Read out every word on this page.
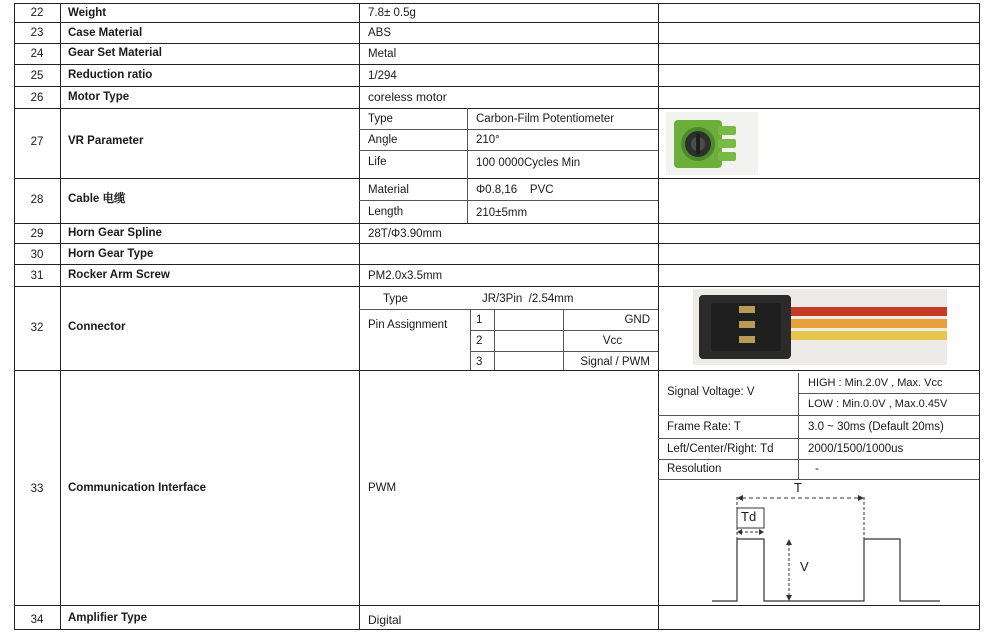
22	Weight	7.8± 0.5g
23	Case Material	ABS
24	Gear Set Material	Metal
25	Reduction ratio	1/294
26	Motor Type	coreless motor
27	VR Parameter
Type	Carbon-Film Potentiometer
Angle	210°
Life	100 0000Cycles Min
28	Cable 电缆
Material	Φ0.8,16    PVC
Length	210±5mm
29	Horn Gear Spline	28T/Φ3.90mm
30	Horn Gear Type
31	Rocker Arm Screw	PM2.0x3.5mm
32	Connector
Type	JR/3Pin  /2.54mm
Pin Assignment 1	GND
2	Vcc
3	Signal / PWM
33	Communication Interface	PWM
Signal Voltage: V
HIGH : Min.2.0V , Max. Vcc
LOW : Min.0.0V , Max.0.45V
Frame Rate: T	3.0 ~ 30ms (Default 20ms)
Left/Center/Right: Td	2000/1500/1000us
Resolution	-
T
Td
V
34	Amplifier Type	Digital
